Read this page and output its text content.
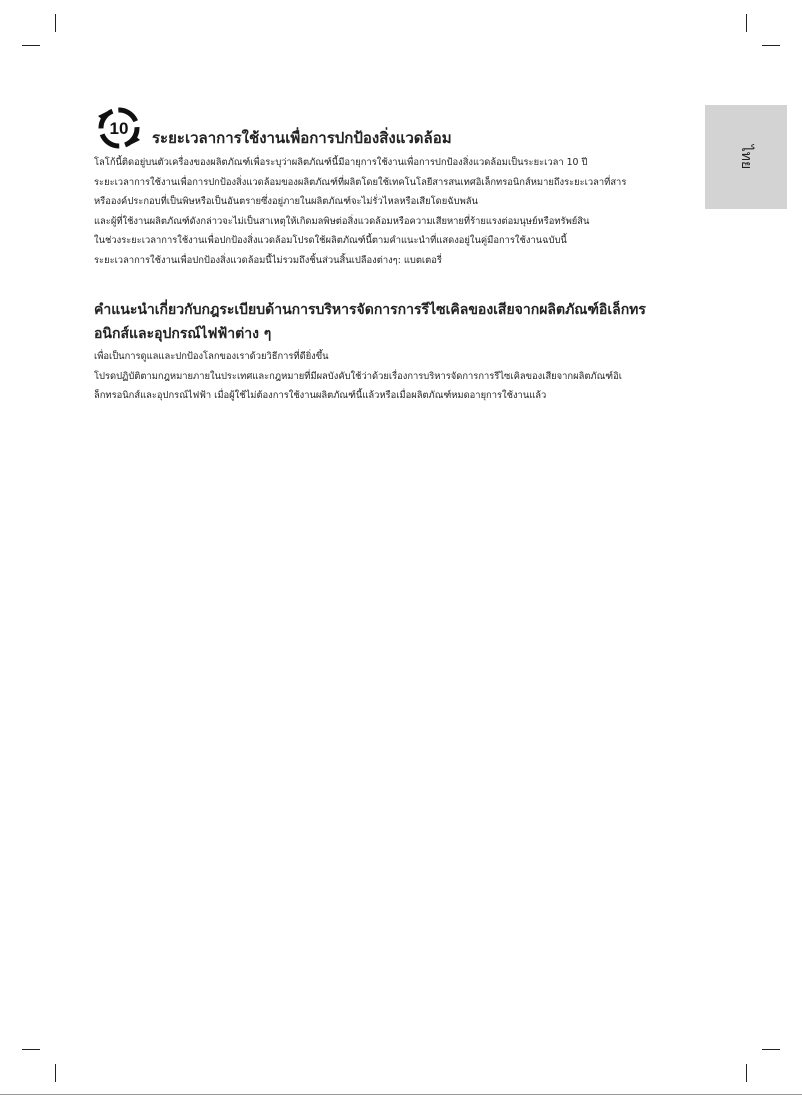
ไทย
10 ระยะเวลาการใช้งานเพื่อการปกป้องสิ่งแวดล้อม
โลโก้นี้ติดอยู่บนตัวเครื่องของผลิตภัณฑ์เพื่อระบุว่าผลิตภัณฑ์นี้มีอายุการใช้งานเพื่อการปกป้องสิ่งแวดล้อมเป็นระยะเวลา 10 ปี
ระยะเวลาการใช้งานเพื่อการปกป้องสิ่งแวดล้อมของผลิตภัณฑ์ที่ผลิตโดยใช้เทคโนโลยีสารสนเทศอิเล็กทรอนิกส์หมายถึงระยะเวลาที่สาร
หรือองค์ประกอบที่เป็นพิษหรือเป็นอันตรายซึ่งอยู่ภายในผลิตภัณฑ์จะไม่รั่วไหลหรือเสียโดยฉับพลัน
และผู้ที่ใช้งานผลิตภัณฑ์ดังกล่าวจะไม่เป็นสาเหตุให้เกิดมลพิษต่อสิ่งแวดล้อมหรือความเสียหายที่ร้ายแรงต่อมนุษย์หรือทรัพย์สิน
ในช่วงระยะเวลาการใช้งานเพื่อปกป้องสิ่งแวดล้อมโปรดใช้ผลิตภัณฑ์นี้ตามคำแนะนำที่แสดงอยู่ในคู่มือการใช้งานฉบับนี้
ระยะเวลาการใช้งานเพื่อปกป้องสิ่งแวดล้อมนี้ไม่รวมถึงชิ้นส่วนสิ้นเปลืองต่างๆ: แบตเตอรี่
คำแนะนำเกี่ยวกับกฎระเบียบด้านการบริหารจัดการการรีไซเคิลของเสียจากผลิตภัณฑ์อิเล็กทร
อนิกส์และอุปกรณ์ไฟฟ้าต่าง ๆ
เพื่อเป็นการดูแลและปกป้องโลกของเราด้วยวิธีการที่ดียิ่งขึ้น
โปรดปฏิบัติตามกฎหมายภายในประเทศและกฎหมายที่มีผลบังคับใช้ว่าด้วยเรื่องการบริหารจัดการการรีไซเคิลของเสียจากผลิตภัณฑ์อิเ
ล็กทรอนิกส์และอุปกรณ์ไฟฟ้า เมื่อผู้ใช้ไม่ต้องการใช้งานผลิตภัณฑ์นี้แล้วหรือเมื่อผลิตภัณฑ์หมดอายุการใช้งานแล้ว
